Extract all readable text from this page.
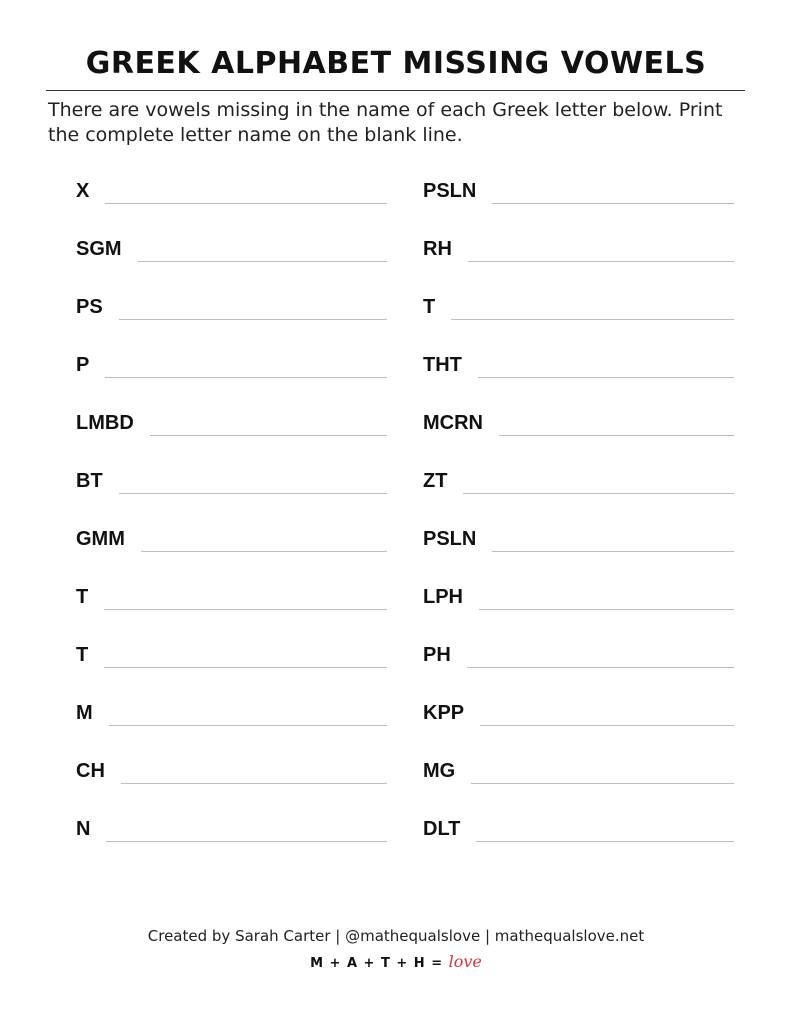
GREEK ALPHABET MISSING VOWELS
There are vowels missing in the name of each Greek letter below. Print the complete letter name on the blank line.
X
SGM
PS
P
LMBD
BT
GMM
T
T
M
CH
N
PSLN
RH
T
THT
MCRN
ZT
PSLN
LPH
PH
KPP
MG
DLT
Created by Sarah Carter | @mathequalslove | mathequalslove.net
M + A + T + H = love
